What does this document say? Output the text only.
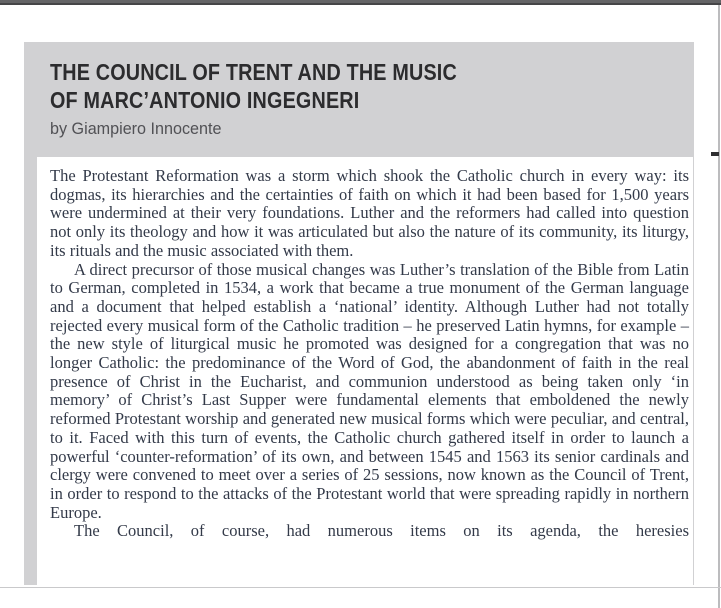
THE COUNCIL OF TRENT AND THE MUSIC
OF MARC’ANTONIO INGEGNERI
by Giampiero Innocente

The Protestant Reformation was a storm which shook the Catholic church in every way: its dogmas, its hierarchies and the certainties of faith on which it had been based for 1,500 years were undermined at their very foundations. Luther and the reformers had called into question not only its theology and how it was articulated but also the nature of its community, its liturgy, its rituals and the music associated with them.

A direct precursor of those musical changes was Luther’s translation of the Bible from Latin to German, completed in 1534, a work that became a true monument of the German language and a document that helped establish a ‘national’ identity. Although Luther had not totally rejected every musical form of the Catholic tradition – he preserved Latin hymns, for example – the new style of liturgical music he promoted was designed for a congregation that was no longer Catholic: the predominance of the Word of God, the abandonment of faith in the real presence of Christ in the Eucharist, and communion understood as being taken only ‘in memory’ of Christ’s Last Supper were fundamental elements that emboldened the newly reformed Protestant worship and generated new musical forms which were peculiar, and central, to it. Faced with this turn of events, the Catholic church gathered itself in order to launch a powerful ‘counter-reformation’ of its own, and between 1545 and 1563 its senior cardinals and clergy were convened to meet over a series of 25 sessions, now known as the Council of Trent, in order to respond to the attacks of the Protestant world that were spreading rapidly in northern Europe.

The Council, of course, had numerous items on its agenda, the heresies
